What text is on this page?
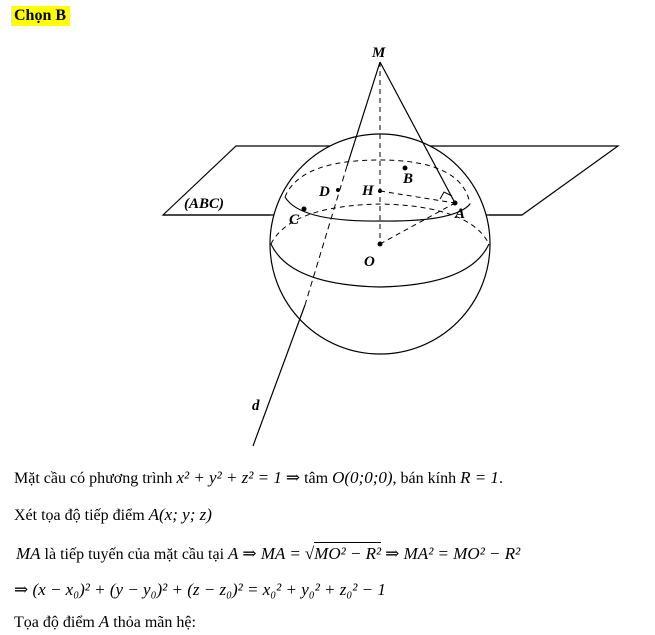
Chọn B
M
B
D H
C	A
O
d
(ABC)
Mặt cầu có phương trình x² + y² + z² = 1 ⇒ tâm O(0;0;0), bán kính R = 1.
Xét tọa độ tiếp điểm A(x; y; z)
MA là tiếp tuyến của mặt cầu tại A ⇒ MA = √MO² − R² ⇒ MA² = MO² − R²
⇒ (x − x₀)² + (y − y₀)² + (z − z₀)² = x₀² + y₀² + z₀² − 1
Tọa độ điểm A thỏa mãn hệ:
